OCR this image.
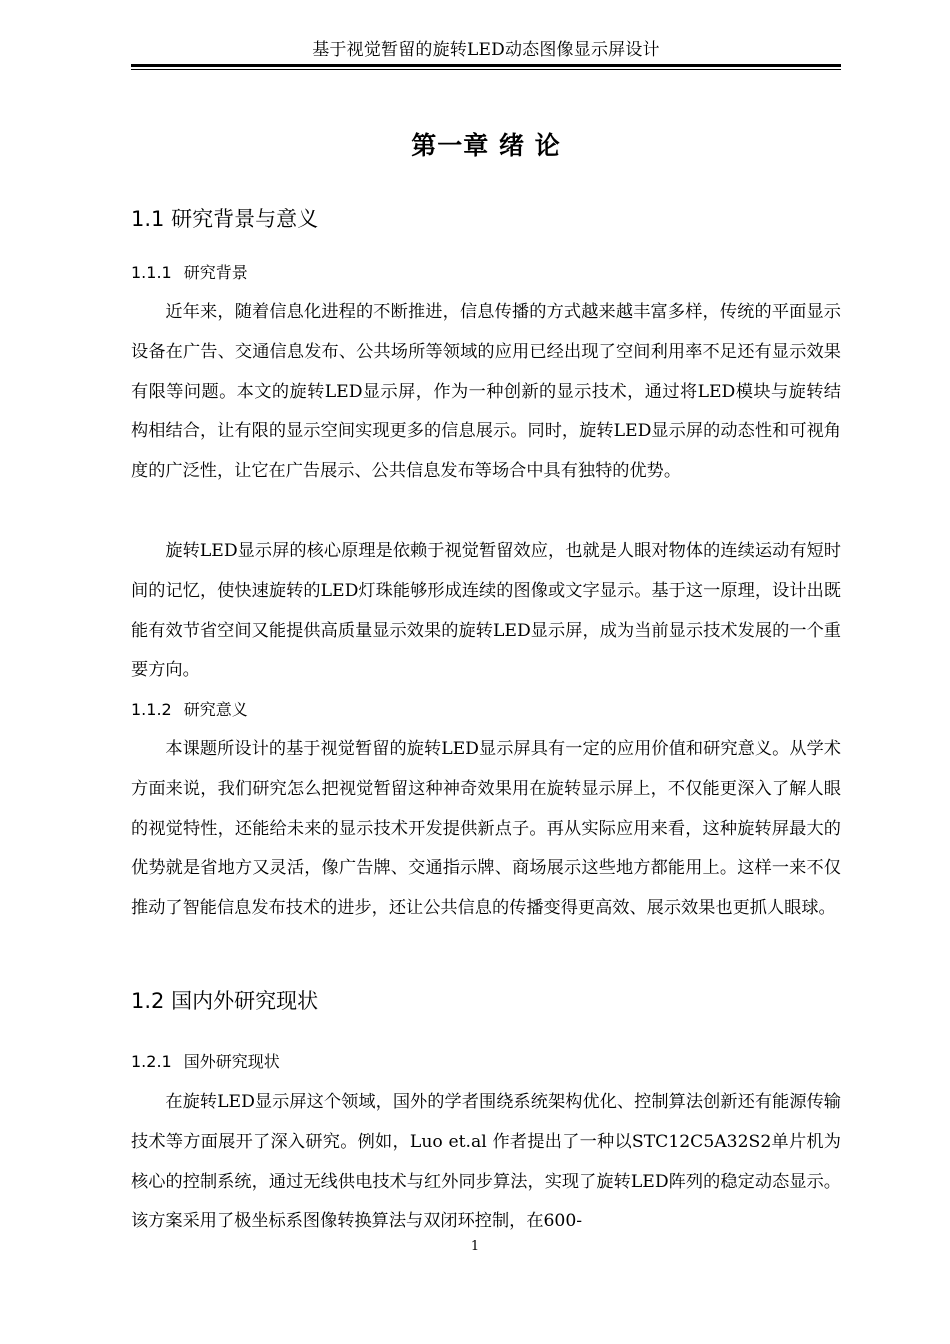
基于视觉暂留的旋转LED动态图像显示屏设计
第一章 绪 论
1.1 研究背景与意义
1.1.1 研究背景

近年来，随着信息化进程的不断推进，信息传播的方式越来越丰富多样，传统的平面显示设备在广告、交通信息发布、公共场所等领域的应用已经出现了空间利用率不足还有显示效果有限等问题。本文的旋转LED显示屏，作为一种创新的显示技术，通过将LED模块与旋转结构相结合，让有限的显示空间实现更多的信息展示。同时，旋转LED显示屏的动态性和可视角度的广泛性，让它在广告展示、公共信息发布等场合中具有独特的优势。

旋转LED显示屏的核心原理是依赖于视觉暂留效应，也就是人眼对物体的连续运动有短时间的记忆，使快速旋转的LED灯珠能够形成连续的图像或文字显示。基于这一原理，设计出既能有效节省空间又能提供高质量显示效果的旋转LED显示屏，成为当前显示技术发展的一个重要方向。

1.1.2 研究意义

本课题所设计的基于视觉暂留的旋转LED显示屏具有一定的应用价值和研究意义。从学术方面来说，我们研究怎么把视觉暂留这种神奇效果用在旋转显示屏上，不仅能更深入了解人眼的视觉特性，还能给未来的显示技术开发提供新点子。再从实际应用来看，这种旋转屏最大的优势就是省地方又灵活，像广告牌、交通指示牌、商场展示这些地方都能用上。这样一来不仅推动了智能信息发布技术的进步，还让公共信息的传播变得更高效、展示效果也更抓人眼球。

1.2 国内外研究现状
1.2.1 国外研究现状

在旋转LED显示屏这个领域，国外的学者围绕系统架构优化、控制算法创新还有能源传输技术等方面展开了深入研究。例如，Luo et.al 作者提出了一种以STC12C5A32S2单片机为核心的控制系统，通过无线供电技术与红外同步算法，实现了旋转LED阵列的稳定动态显示。该方案采用了极坐标系图像转换算法与双闭环控制，在600-

1
